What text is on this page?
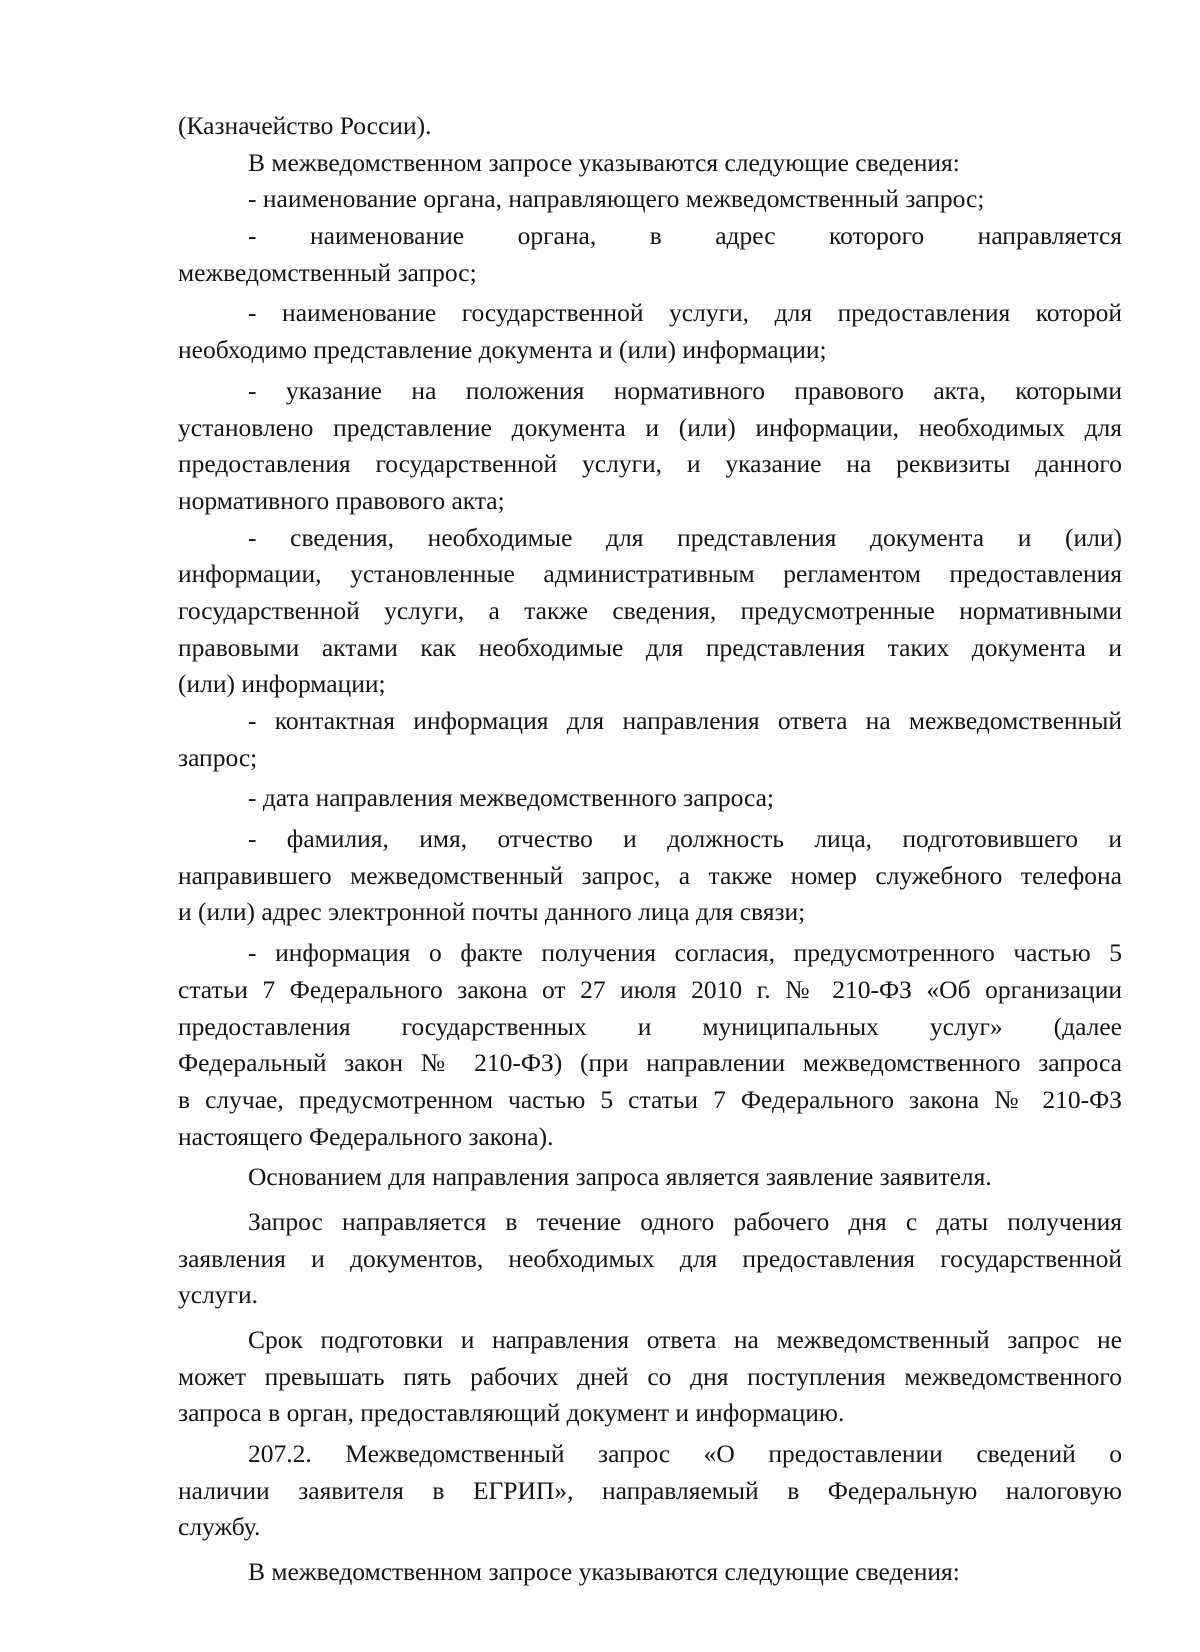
(Казначейство России).
В межведомственном запросе указываются следующие сведения:
- наименование органа, направляющего межведомственный запрос;
- наименование органа, в адрес которого направляется
межведомственный запрос;
- наименование государственной услуги, для предоставления которой
необходимо представление документа и (или) информации;
- указание на положения нормативного правового акта, которыми
установлено представление документа и (или) информации, необходимых для
предоставления государственной услуги, и указание на реквизиты данного
нормативного правового акта;
- сведения, необходимые для представления документа и (или)
информации, установленные административным регламентом предоставления
государственной услуги, а также сведения, предусмотренные нормативными
правовыми актами как необходимые для представления таких документа и
(или) информации;
- контактная информация для направления ответа на межведомственный
запрос;
- дата направления межведомственного запроса;
- фамилия, имя, отчество и должность лица, подготовившего и
направившего межведомственный запрос, а также номер служебного телефона
и (или) адрес электронной почты данного лица для связи;
- информация о факте получения согласия, предусмотренного частью 5
статьи 7 Федерального закона от 27 июля 2010 г. № 210-ФЗ «Об организации
предоставления государственных и муниципальных услуг» (далее
Федеральный закон № 210-ФЗ) (при направлении межведомственного запроса
в случае, предусмотренном частью 5 статьи 7 Федерального закона № 210-ФЗ
настоящего Федерального закона).
Основанием для направления запроса является заявление заявителя.
Запрос направляется в течение одного рабочего дня с даты получения
заявления и документов, необходимых для предоставления государственной
услуги.
Срок подготовки и направления ответа на межведомственный запрос не
может превышать пять рабочих дней со дня поступления межведомственного
запроса в орган, предоставляющий документ и информацию.
207.2. Межведомственный запрос «О предоставлении сведений о
наличии заявителя в ЕГРИП», направляемый в Федеральную налоговую
службу.
В межведомственном запросе указываются следующие сведения:
